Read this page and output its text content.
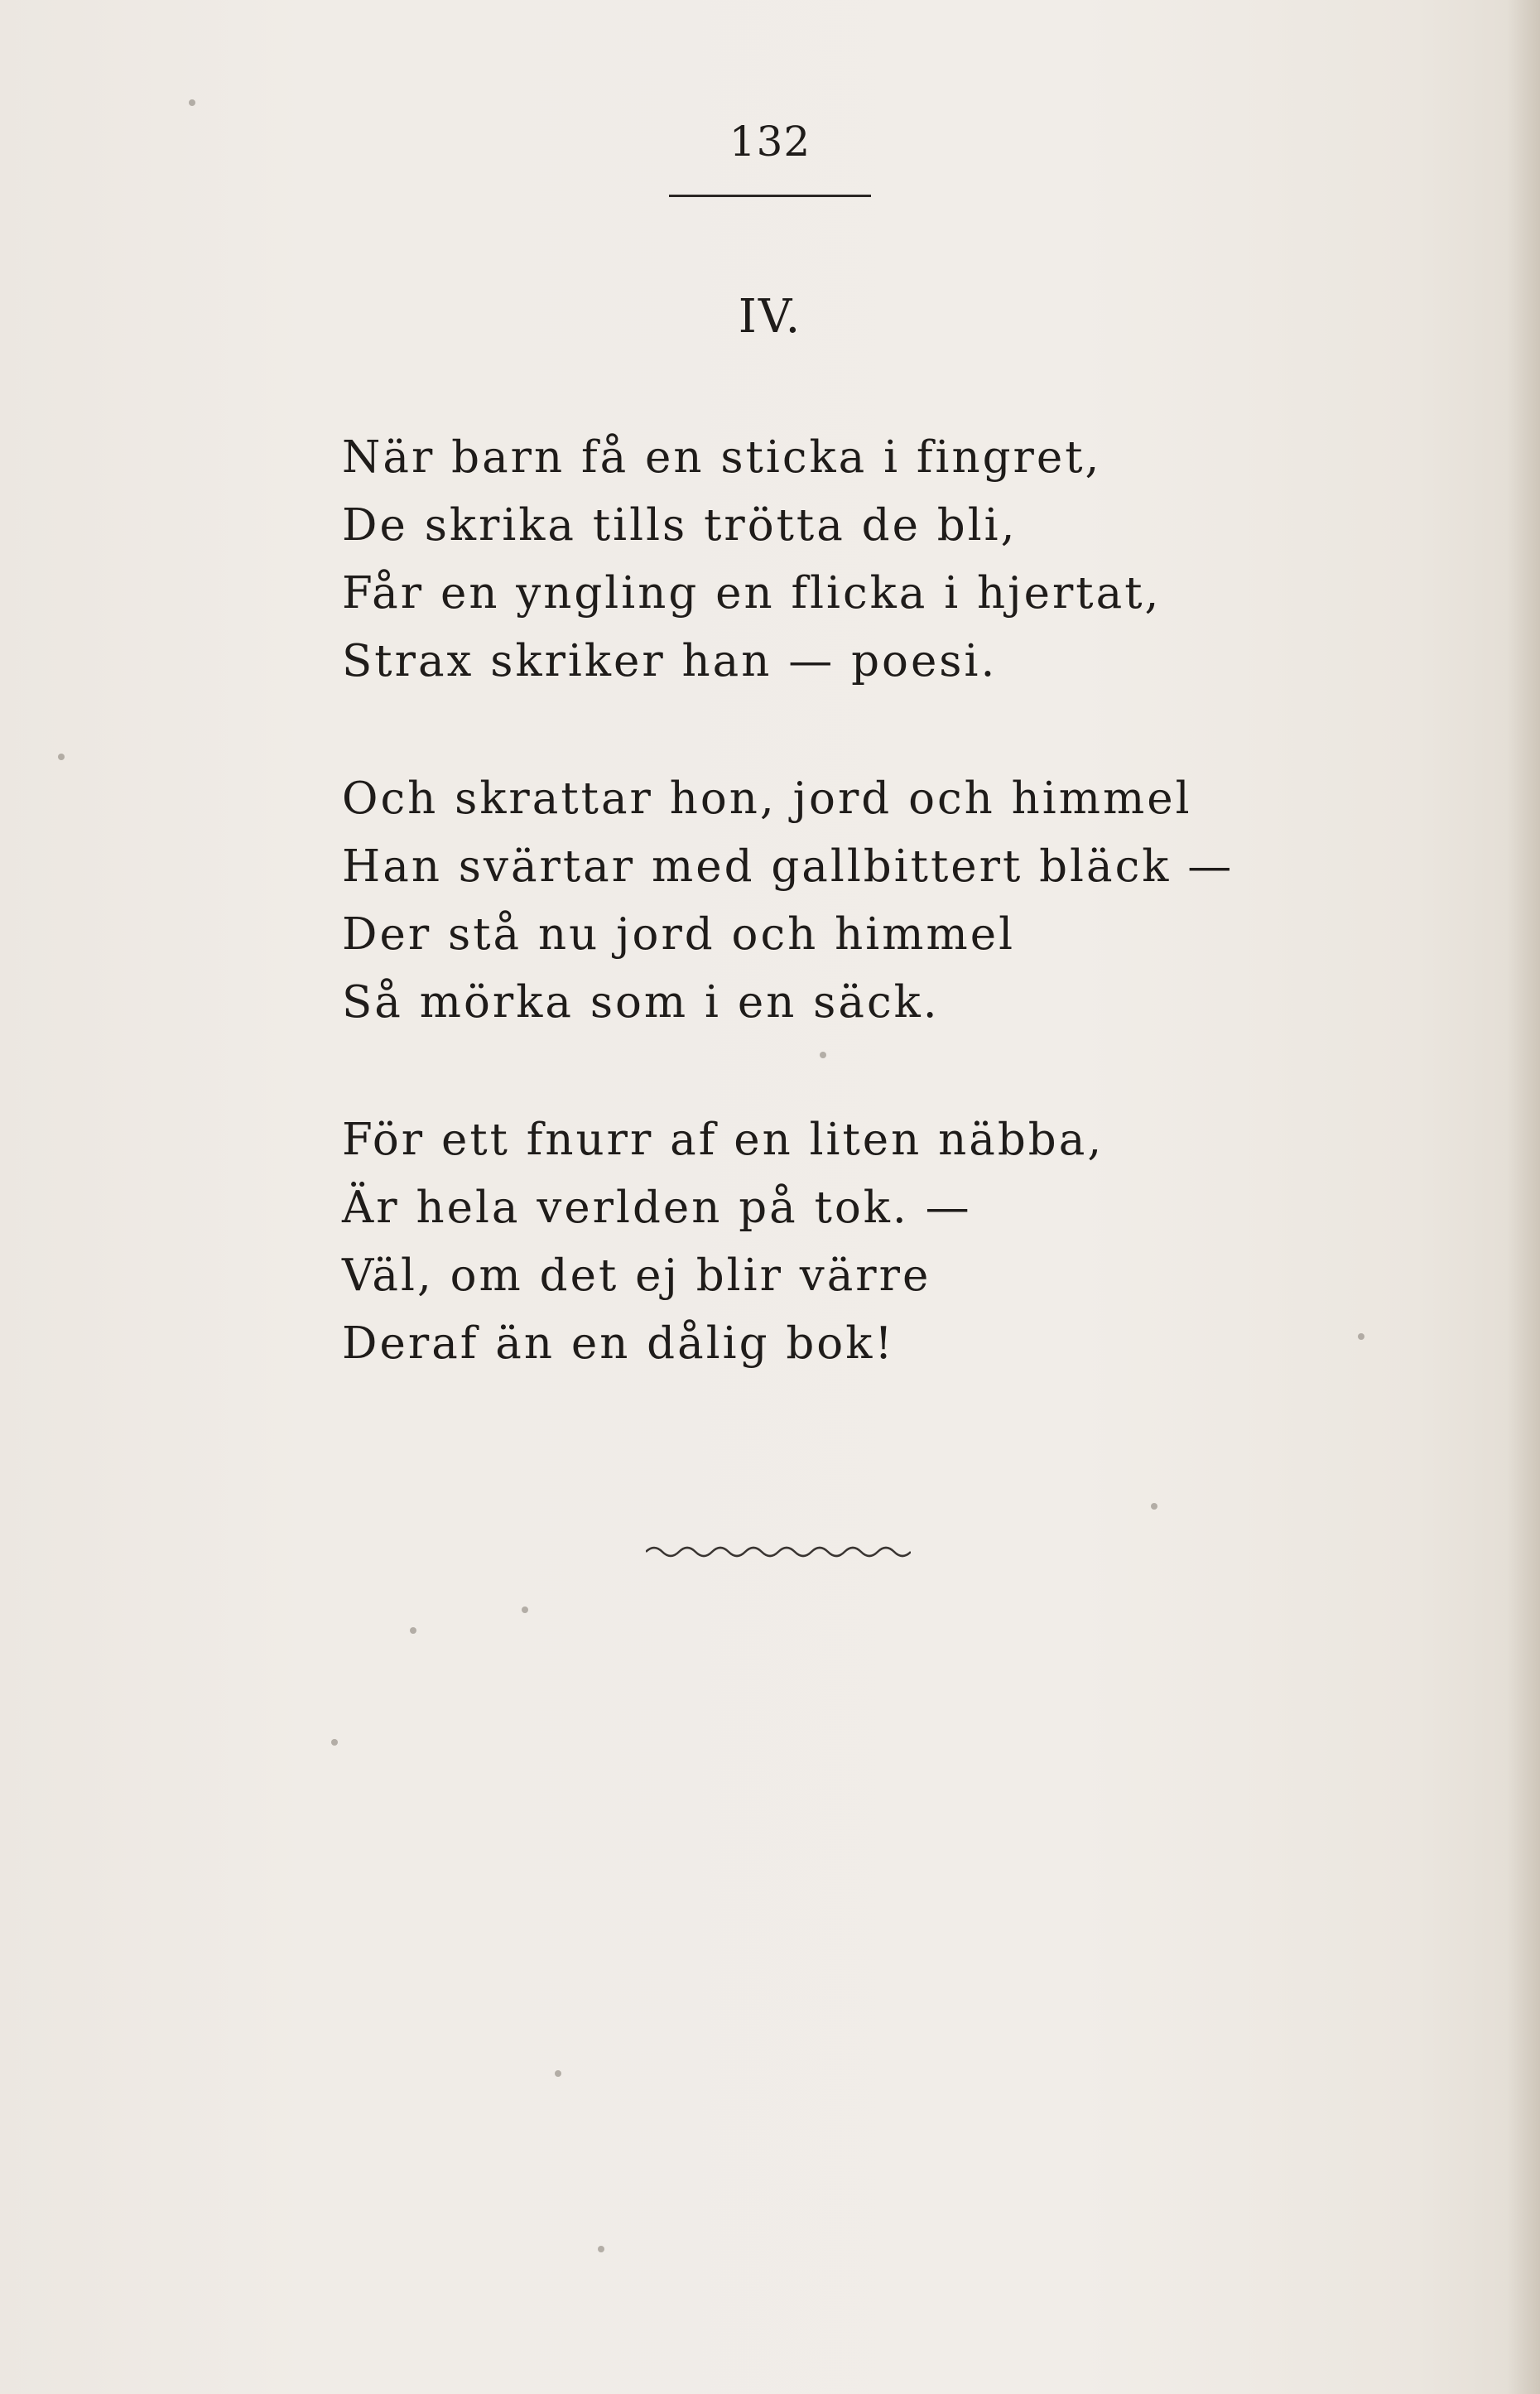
132
IV.
När barn få en sticka i fingret,
De skrika tills trötta de bli,
Får en yngling en flicka i hjertat,
Strax skriker han — poesi.
Och skrattar hon, jord och himmel
Han svärtar med gallbittert bläck —
Der stå nu jord och himmel
Så mörka som i en säck.
För ett fnurr af en liten näbba,
Är hela verlden på tok. —
Väl, om det ej blir värre
Deraf än en dålig bok!
